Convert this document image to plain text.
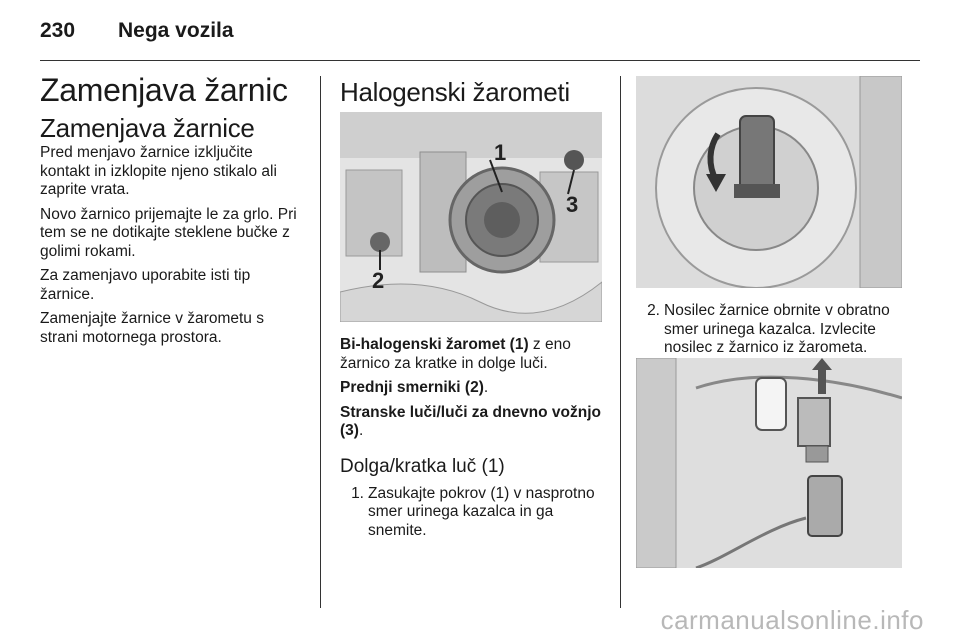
230	Nega vozila
Zamenjava žarnic
Zamenjava žarnice

Pred menjavo žarnice izključite kontakt in izklopite njeno stikalo ali zaprite vrata.

Novo žarnico prijemajte le za grlo. Pri tem se ne dotikajte steklene bučke z golimi rokami.

Za zamenjavo uporabite isti tip žarnice.

Zamenjajte žarnice v žarometu s strani motornega prostora.

Halogenski žarometi
1
2
3

Bi-halogenski žaromet (1) z eno žarnico za kratke in dolge luči.

Prednji smerniki (2).

Stranske luči/luči za dnevno vožnjo (3).

Dolga/kratka luč (1)
1. Zasukajte pokrov (1) v nasprotno smer urinega kazalca in ga snemite.
2. Nosilec žarnice obrnite v obratno smer urinega kazalca. Izvlecite nosilec z žarnico iz žarometa.
carmanualsonline.info
